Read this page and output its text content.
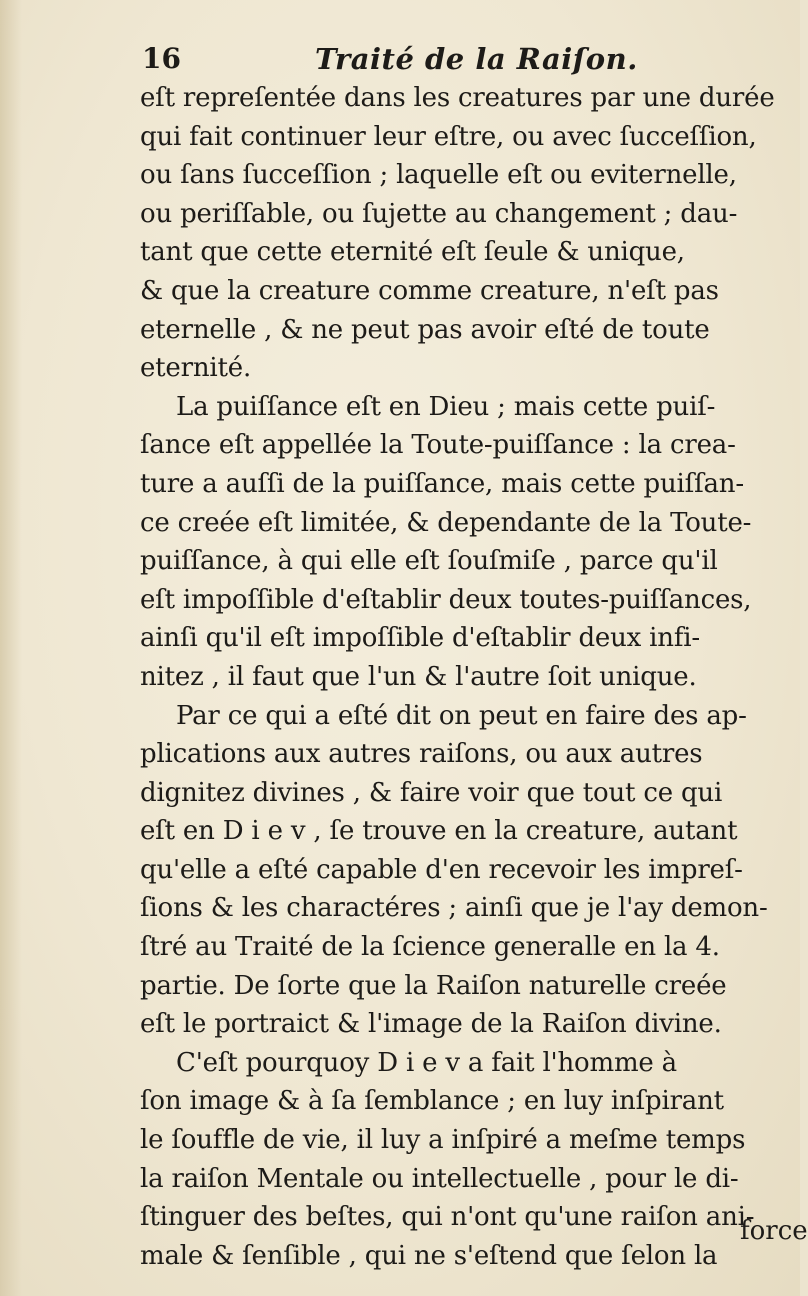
16	Traité de la Raiſon.
eſt repreſentée dans les creatures par une durée
qui fait continuer leur eſtre, ou avec ſucceſſion,
ou ſans ſucceſſion ; laquelle eſt ou eviternelle,
ou periſſable, ou ſujette au changement ; dau-
tant que cette eternité eſt ſeule & unique,
& que la creature comme creature, n'eſt pas
eternelle , & ne peut pas avoir eſté de toute
eternité.
La puiſſance eſt en Dieu ; mais cette puiſ-
ſance eſt appellée la Toute-puiſſance : la crea-
ture a auſſi de la puiſſance, mais cette puiſſan-
ce creée eſt limitée, & dependante de la Toute-
puiſſance, à qui elle eſt ſouſmiſe , parce qu'il
eſt impoſſible d'eſtablir deux toutes-puiſſances,
ainſi qu'il eſt impoſſible d'eſtablir deux infi-
nitez , il faut que l'un & l'autre ſoit unique.
Par ce qui a eſté dit on peut en faire des ap-
plications aux autres raiſons, ou aux autres
dignitez divines , & faire voir que tout ce qui
eſt en D i e v , ſe trouve en la creature, autant
qu'elle a eſté capable d'en recevoir les impreſ-
ſions & les charactéres ; ainſi que je l'ay demon-
ſtré au Traité de la ſcience generalle en la 4.
partie. De ſorte que la Raiſon naturelle creée
eſt le portraict & l'image de la Raiſon divine.
C'eſt pourquoy D i e v a fait l'homme à
ſon image & à ſa ſemblance ; en luy inſpirant
le ſouffle de vie, il luy a inſpiré a meſme temps
la raiſon Mentale ou intellectuelle , pour le di-
ſtinguer des beſtes, qui n'ont qu'une raiſon ani-
male & ſenſible , qui ne s'eſtend que ſelon la
force
